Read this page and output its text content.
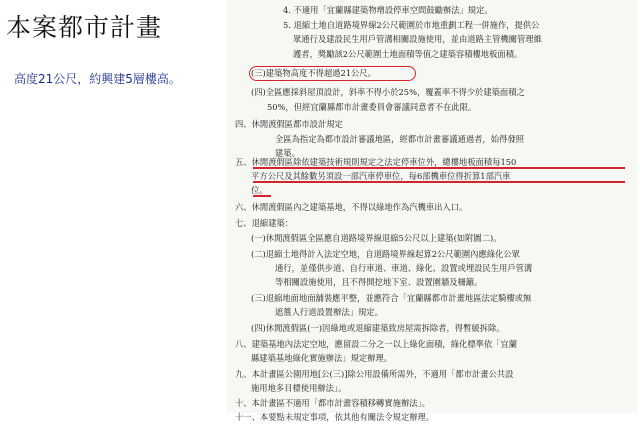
本案都市計畫
高度21公尺，約興建5層樓高。
4. 不適用「宜蘭縣建築物增設停車空間鼓勵辦法」規定。
5. 退縮土地自道路境界線2公尺範圍於市地重劃工程一併施作，提供公
眾通行及建設民生用戶管溝相關設施使用，並由道路主管機關管理維
護者，獎勵該2公尺範圍土地面積等值之建築容積樓地板面積。
(三)建築物高度不得超過21公尺。
(四)全區應採斜屋頂設計，斜率不得小於25%，覆蓋率不得少於建築面積之
50%，但經宜蘭縣都市計畫委員會審議同意者不在此限。
四、休閒渡假區都市設計規定
全區為指定為都市設計審議地區，經都市計畫審議通過者，始得發照
建築。
五、休閒渡假區除依建築技術規則規定之法定停車位外，總樓地板面積每150
平方公尺及其餘數另須設一部汽車停車位，每6部機車位得折算1部汽車
位。
六、休閒渡假區內之建築基地，不得以綠地作為汽機車出入口。
七、退縮建築：
(一)休閒渡假區全區應自道路境界線退縮5公尺以上建築(如附圖二)。
(二)退縮土地得計入法定空地，自道路境界線起算2公尺範圍內應綠化公眾
通行，並僅供步道、自行車道、車道、綠化、設置或埋設民生用戶管溝
等相關設施使用，且不得開挖地下室、設置圍牆及柵籬。
(三)退縮地面地面舖裝應平整，並應符合「宜蘭縣都市計畫地區法定騎樓或無
遮簷人行道設置辦法」規定。
(四)休閒渡假區(一)因綠地或退縮建築致房屋需拆除者，得暫緩拆除。
八、建築基地內法定空地，應留設二分之一以上綠化面積，綠化標準依「宜蘭
縣建築基地綠化實施辦法」規定辦理。
九、本計畫區公園用地[公(三)]除公用設備所需外，不適用「都市計畫公共設
施用地多目標使用辦法」。
十、本計畫區不適用「都市計畫容積移轉實施辦法」。
十一、本要點未規定事項，依其他有關法令規定辦理。
